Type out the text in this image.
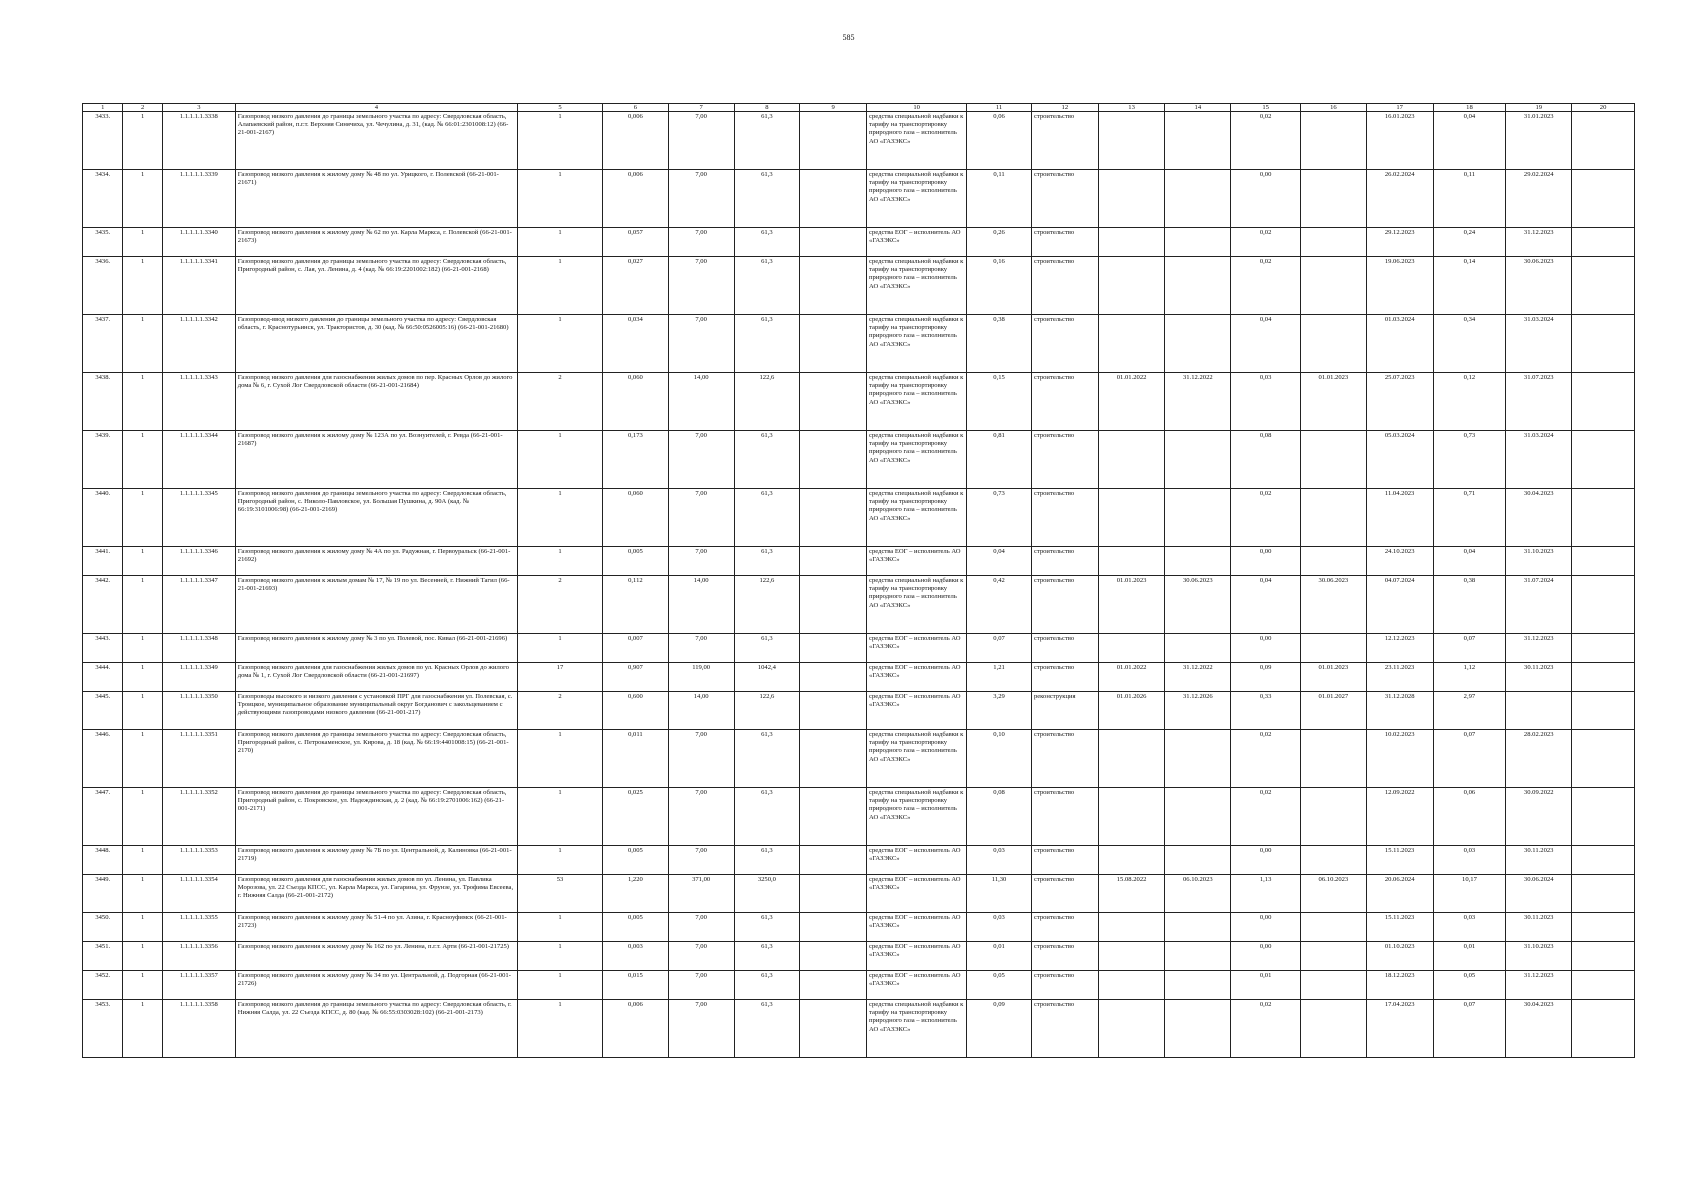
585
1	2	3	4	5	6	7	8	9	10	11	12	13	14	15	16	17	18	19	20
3433.	1	1.1.1.1.1.3338	Газопровод низкого давления до границы земельного участка по адресу: Свердловская область, Алапаевский район, п.г.т. Верхняя Синячиха, ул. Чечулина, д. 31, (кад. № 66:01:2301008:12) (66-21-001-2167)	1	0,006	7,00	61,3		средства специальной надбавки к тарифу на транспортировку природного газа – исполнитель АО «ГАЗЭКС»	0,06	строительство			0,02		16.01.2023	0,04	31.01.2023	
3434.	1	1.1.1.1.1.3339	Газопровод низкого давления к жилому дому № 48 по ул. Урицкого, г. Полевской (66-21-001-21671)	1	0,006	7,00	61,3		средства специальной надбавки к тарифу на транспортировку природного газа – исполнитель АО «ГАЗЭКС»	0,11	строительство			0,00		26.02.2024	0,11	29.02.2024	
3435.	1	1.1.1.1.1.3340	Газопровод низкого давления к жилому дому № 62 по ул. Карла Маркса, г. Полевской (66-21-001-21673)	1	0,057	7,00	61,3		средства ЕОГ – исполнитель АО «ГАЗЭКС»	0,26	строительство			0,02		29.12.2023	0,24	31.12.2023	
3436.	1	1.1.1.1.1.3341	Газопровод низкого давления до границы земельного участка по адресу: Свердловская область, Пригородный район, с. Лая, ул. Ленина, д. 4 (кад. № 66:19:2201002:182) (66-21-001-2168)	1	0,027	7,00	61,3		средства специальной надбавки к тарифу на транспортировку природного газа – исполнитель АО «ГАЗЭКС»	0,16	строительство			0,02		19.06.2023	0,14	30.06.2023	
3437.	1	1.1.1.1.1.3342	Газопровод-ввод низкого давления до границы земельного участка по адресу: Свердловская область, г. Краснотурьинск, ул. Трактористов, д. 30 (кад. № 66:50:0526005:16) (66-21-001-21680)	1	0,034	7,00	61,3		средства специальной надбавки к тарифу на транспортировку природного газа – исполнитель АО «ГАЗЭКС»	0,38	строительство			0,04		01.03.2024	0,34	31.03.2024	
3438.	1	1.1.1.1.1.3343	Газопровод низкого давления для газоснабжения жилых домов по пер. Красных Орлов до жилого дома № 6, г. Сухой Лог Свердловской области (66-21-001-21684)	2	0,060	14,00	122,6		средства специальной надбавки к тарифу на транспортировку природного газа – исполнитель АО «ГАЗЭКС»	0,15	строительство	01.01.2022	31.12.2022	0,03	01.01.2023	25.07.2023	0,12	31.07.2023	
3439.	1	1.1.1.1.1.3344	Газопровод низкого давления к жилому дому № 123А по ул. Вознуителей, г. Ревда (66-21-001-21687)	1	0,173	7,00	61,3		средства специальной надбавки к тарифу на транспортировку природного газа – исполнитель АО «ГАЗЭКС»	0,81	строительство			0,08		05.03.2024	0,73	31.03.2024	
3440.	1	1.1.1.1.1.3345	Газопровод низкого давления до границы земельного участка по адресу: Свердловская область, Пригородный район, с. Николо-Павловское, ул. Большая Пушкина, д. 90А (кад. № 66:19:3101006:98) (66-21-001-2169)	1	0,060	7,00	61,3		средства специальной надбавки к тарифу на транспортировку природного газа – исполнитель АО «ГАЗЭКС»	0,73	строительство			0,02		11.04.2023	0,71	30.04.2023	
3441.	1	1.1.1.1.1.3346	Газопровод низкого давления к жилому дому № 4А по ул. Радужная, г. Первоуральск (66-21-001-21692)	1	0,005	7,00	61,3		средства ЕОГ – исполнитель АО «ГАЗЭКС»	0,04	строительство			0,00		24.10.2023	0,04	31.10.2023	
3442.	1	1.1.1.1.1.3347	Газопровод низкого давления к жилым домам № 17, № 19 по ул. Весенней, г. Нижний Тагил (66-21-001-21693)	2	0,112	14,00	122,6		средства специальной надбавки к тарифу на транспортировку природного газа – исполнитель АО «ГАЗЭКС»	0,42	строительство	01.01.2023	30.06.2023	0,04	30.06.2023	04.07.2024	0,38	31.07.2024	
3443.	1	1.1.1.1.1.3348	Газопровод низкого давления к жилому дому № 3 по ул. Полевой, пос. Кивал (66-21-001-21696)	1	0,007	7,00	61,3		средства ЕОГ – исполнитель АО «ГАЗЭКС»	0,07	строительство			0,00		12.12.2023	0,07	31.12.2023	
3444.	1	1.1.1.1.1.3349	Газопровод низкого давления для газоснабжения жилых домов по ул. Красных Орлов до жилого дома № 1, г. Сухой Лог Свердловской области (66-21-001-21697)	17	0,907	119,00	1042,4		средства ЕОГ – исполнитель АО «ГАЗЭКС»	1,21	строительство	01.01.2022	31.12.2022	0,09	01.01.2023	23.11.2023	1,12	30.11.2023	
3445.	1	1.1.1.1.1.3350	Газопроводы высокого и низкого давления с установкой ПРГ для газоснабжения ул. Полевская, с. Троицкое, муниципальное образование муниципальный округ Богданович с закольцеванием с действующими газопроводами низкого давления (66-21-001-217)	2	0,600	14,00	122,6		средства ЕОГ – исполнитель АО «ГАЗЭКС»	3,29	реконструкция	01.01.2026	31.12.2026	0,33	01.01.2027	31.12.2028	2,97		
3446.	1	1.1.1.1.1.3351	Газопровод низкого давления до границы земельного участка по адресу: Свердловская область, Пригородный район, с. Петрокаменское, ул. Кирова, д. 18 (кад. № 66:19:4401008:15) (66-21-001-2170)	1	0,011	7,00	61,3		средства специальной надбавки к тарифу на транспортировку природного газа – исполнитель АО «ГАЗЭКС»	0,10	строительство			0,02		10.02.2023	0,07	28.02.2023	
3447.	1	1.1.1.1.1.3352	Газопровод низкого давления до границы земельного участка по адресу: Свердловская область, Пригородный район, с. Покровское, ул. Надеждинская, д. 2 (кад. № 66:19:2701006:162) (66-21-001-2171)	1	0,025	7,00	61,3		средства специальной надбавки к тарифу на транспортировку природного газа – исполнитель АО «ГАЗЭКС»	0,08	строительство			0,02		12.09.2022	0,06	30.09.2022	
3448.	1	1.1.1.1.1.3353	Газопровод низкого давления к жилому дому № 7Б по ул. Центральной, д. Калиновка (66-21-001-21719)	1	0,005	7,00	61,3		средства ЕОГ – исполнитель АО «ГАЗЭКС»	0,03	строительство			0,00		15.11.2023	0,03	30.11.2023	
3449.	1	1.1.1.1.1.3354	Газопровод низкого давления для газоснабжения жилых домов по ул. Ленина, ул. Павлика Морозова, ул. 22 Съезда КПСС, ул. Карла Маркса, ул. Гагарина, ул. Фрунзе, ул. Трофима Евсеева, г. Нижняя Салда (66-21-001-2172)	53	1,220	371,00	3250,0		средства ЕОГ – исполнитель АО «ГАЗЭКС»	11,30	строительство	15.08.2022	06.10.2023	1,13	06.10.2023	20.06.2024	10,17	30.06.2024	
3450.	1	1.1.1.1.1.3355	Газопровод низкого давления к жилому дому № 51-4 по ул. Азина, г. Красноуфимск (66-21-001-21723)	1	0,005	7,00	61,3		средства ЕОГ – исполнитель АО «ГАЗЭКС»	0,03	строительство			0,00		15.11.2023	0,03	30.11.2023	
3451.	1	1.1.1.1.1.3356	Газопровод низкого давления к жилому дому № 162 по ул. Ленина, п.г.т. Арти (66-21-001-21725)	1	0,003	7,00	61,3		средства ЕОГ – исполнитель АО «ГАЗЭКС»	0,01	строительство			0,00		01.10.2023	0,01	31.10.2023	
3452.	1	1.1.1.1.1.3357	Газопровод низкого давления к жилому дому № 34 по ул. Центральной, д. Подгорная (66-21-001-21726)	1	0,015	7,00	61,3		средства ЕОГ – исполнитель АО «ГАЗЭКС»	0,05	строительство			0,01		18.12.2023	0,05	31.12.2023	
3453.	1	1.1.1.1.1.3358	Газопровод низкого давления до границы земельного участка по адресу: Свердловская область, г. Нижняя Салда, ул. 22 Съезда КПСС, д. 80 (кад. № 66:55:0303028:102) (66-21-001-2173)	1	0,006	7,00	61,3		средства специальной надбавки к тарифу на транспортировку природного газа – исполнитель АО «ГАЗЭКС»	0,09	строительство			0,02		17.04.2023	0,07	30.04.2023	
